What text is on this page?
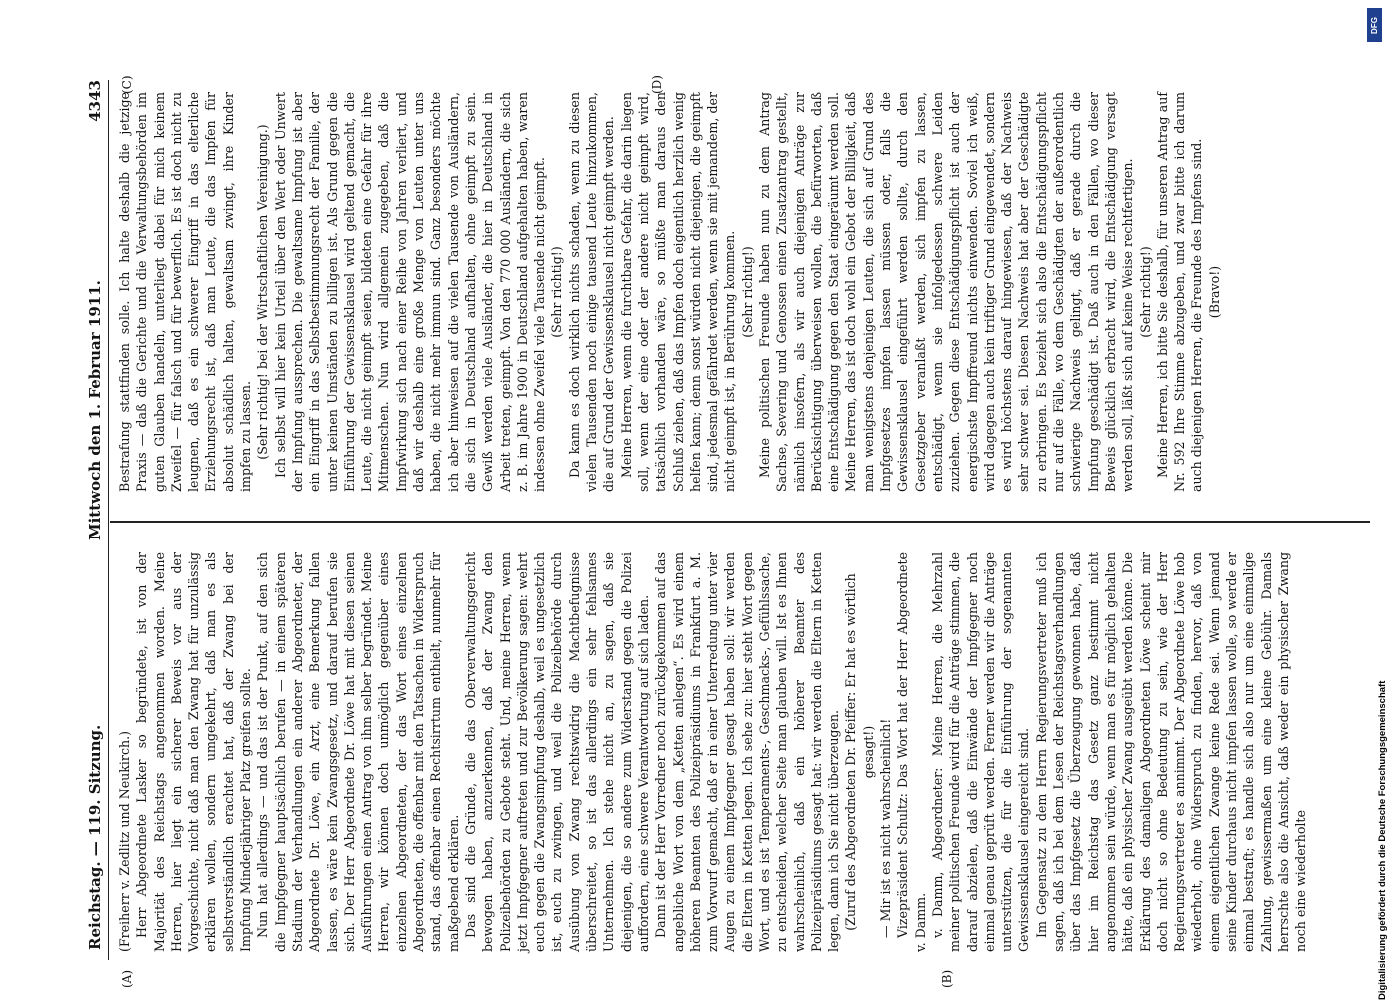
DFG
Digitalisierung gefördert durch die Deutsche Forschungsgemeinschaft
Reichstag. — 119. Sitzung.
Mittwoch den 1. Februar 1911.
4343
(A)	(B)
(C)	(D)

(Freiherr v. Zedlitz und Neukirch.) Herr Abgeordnete Lasker so begründete, ist von der Majorität des Reichstags angenommen worden. Meine Herren, hier liegt ein sicherer Beweis vor aus der Vorgeschichte, nicht daß man den Zwang hat für unzulässig erklären wollen, sondern umgekehrt, daß man es als selbstverständlich erachtet hat, daß der Zwang bei der Impfung Minderjähriger Platz greifen sollte. Nun hat allerdings — und das ist der Punkt, auf den sich die Impfgegner hauptsächlich berufen — in einem späteren Stadium der Verhandlungen ein anderer Abgeordneter, der Abgeordnete Dr. Löwe, ein Arzt, eine Bemerkung fallen lassen, es wäre kein Zwangsgesetz, und darauf berufen sie sich. Der Herr Abgeordnete Dr. Löwe hat mit diesen seinen Ausführungen einen Antrag von ihm selber begründet. Meine Herren, wir können doch unmöglich gegenüber eines einzelnen Abgeordneten, der das Wort eines einzelnen Abgeordneten, die offenbar mit den Tatsachen in Widerspruch stand, das offenbar einen Rechtsirrtum enthielt, nunmehr für maßgebend erklären. Das sind die Gründe, die das Oberverwaltungsgericht bewogen haben, anzuerkennen, daß der Zwang den Polizeibehörden zu Gebote steht. Und, meine Herren, wenn jetzt Impfgegner auftreten und zur Bevölkerung sagen: wehrt euch gegen die Zwangsimpfung deshalb, weil es ungesetzlich ist, euch zu zwingen, und weil die Polizeibehörde durch Ausübung von Zwang rechtswidrig die Machtbefugnisse überschreitet, so ist das allerdings ein sehr fehlsames Unternehmen. Ich stehe nicht an, zu sagen, daß sie diejenigen, die so andere zum Widerstand gegen die Polizei auffordern, eine schwere Verantwortung auf sich laden. Dann ist der Herr Vorredner noch zurückgekommen auf das angebliche Wort von dem „Ketten anlegen“. Es wird einem höheren Beamten des Polizeipräsidiums in Frankfurt a. M. zum Vorwurf gemacht, daß er in einer Unterredung unter vier Augen zu einem Impfgegner gesagt haben soll: wir werden die Eltern in Ketten legen. Ich sehe zu: hier steht Wort gegen Wort, und es ist Temperaments-, Geschmacks-, Gefühlssache, zu entscheiden, welcher Seite man glauben will. Ist es Ihnen wahrscheinlich, daß ein höherer Beamter des Polizeipräsidiums gesagt hat: wir werden die Eltern in Ketten legen, dann ich Sie nicht überzeugen. (Zuruf des Abgeordneten Dr. Pfeiffer: Er hat es wörtlich gesagt!) — Mir ist es nicht wahrscheinlich! Vizepräsident Schultz: Das Wort hat der Herr Abgeordnete v. Damm. v. Damm, Abgeordneter: Meine Herren, die Mehrzahl meiner politischen Freunde wird für die Anträge stimmen, die darauf abzielen, daß die Einwände der Impfgegner noch einmal genau geprüft werden. Ferner werden wir die Anträge unterstützen, die für die Einführung der sogenannten Gewissensklausel eingereicht sind. Im Gegensatz zu dem Herrn Regierungsvertreter muß ich sagen, daß ich bei dem Lesen der Reichstagsverhandlungen über das Impfgesetz die Überzeugung gewonnen habe, daß hier im Reichstag das Gesetz ganz bestimmt nicht angenommen sein würde, wenn man es für möglich gehalten hätte, daß ein physischer Zwang ausgeübt werden könne. Die Erklärung des damaligen Abgeordneten Löwe scheint mir doch nicht so ohne Bedeutung zu sein, wie der Herr Regierungsvertreter es annimmt. Der Abgeordnete Löwe hob wiederholt, ohne Widerspruch zu finden, hervor, daß von einem eigentlichen Zwange keine Rede sei. Wenn jemand seine Kinder durchaus nicht impfen lassen wolle, so werde er einmal bestraft; es handle sich also nur um eine einmalige Zahlung, gewissermaßen um eine kleine Gebühr. Damals herrschte also die Ansicht, daß weder ein physischer Zwang noch eine wiederholte

Bestrafung stattfinden solle. Ich halte deshalb die jetzige Praxis — daß die Gerichte und die Verwaltungsbehörden im guten Glauben handeln, unterliegt dabei für mich keinem Zweifel — für falsch und für bewerflich. Es ist doch nicht zu leugnen, daß es ein schwerer Eingriff in das elterliche Erziehungsrecht ist, daß man Leute, die das Impfen für absolut schädlich halten, gewaltsam zwingt, ihre Kinder impfen zu lassen. (Sehr richtig! bei der Wirtschaftlichen Vereinigung.) Ich selbst will hier kein Urteil über den Wert oder Unwert der Impfung aussprechen. Die gewaltsame Impfung ist aber ein Eingriff in das Selbstbestimmungsrecht der Familie, der unter keinen Umständen zu billigen ist. Als Grund gegen die Einführung der Gewissensklausel wird geltend gemacht, die Leute, die nicht geimpft seien, bildeten eine Gefahr für ihre Mitmenschen. Nun wird allgemein zugegeben, daß die Impfwirkung sich nach einer Reihe von Jahren verliert, und daß wir deshalb eine große Menge von Leuten unter uns haben, die nicht mehr immun sind. Ganz besonders möchte ich aber hinweisen auf die vielen Tausende von Ausländern, die sich in Deutschland aufhalten, ohne geimpft zu sein. Gewiß werden viele Ausländer, die hier in Deutschland in Arbeit treten, geimpft. Von den 770 000 Ausländern, die sich z. B. im Jahre 1900 in Deutschland aufgehalten haben, waren indessen ohne Zweifel viele Tausende nicht geimpft. (Sehr richtig!) Da kann es doch wirklich nichts schaden, wenn zu diesen vielen Tausenden noch einige tausend Leute hinzukommen, die auf Grund der Gewissensklausel nicht geimpft werden. Meine Herren, wenn die furchtbare Gefahr, die darin liegen soll, wenn der eine oder der andere nicht geimpft wird, tatsächlich vorhanden wäre, so müßte man daraus den Schluß ziehen, daß das Impfen doch eigentlich herzlich wenig helfen kann; denn sonst würden nicht diejenigen, die geimpft sind, jedesmal gefährdet werden, wenn sie mit jemandem, der nicht geimpft ist, in Berührung kommen. (Sehr richtig!) Meine politischen Freunde haben nun zu dem Antrag Sachse, Severing und Genossen einen Zusatzantrag gestellt, nämlich insofern, als wir auch diejenigen Anträge zur Berücksichtigung überweisen wollen, die befürworten, daß eine Entschädigung gegen den Staat eingeräumt werden soll. Meine Herren, das ist doch wohl ein Gebot der Billigkeit, daß man wenigstens denjenigen Leuten, die sich auf Grund des Impfgesetzes impfen lassen müssen oder, falls die Gewissensklausel eingeführt werden sollte, durch den Gesetzgeber veranlaßt werden, sich impfen zu lassen, entschädigt, wenn sie infolgedessen schwere Leiden zuziehen. Gegen diese Entschädigungspflicht ist auch der energischste Impffreund nichts einwenden. Soviel ich weiß, wird dagegen auch kein triftiger Grund eingewendet, sondern es wird höchstens darauf hingewiesen, daß der Nachweis sehr schwer sei. Diesen Nachweis hat aber der Geschädigte zu erbringen. Es bezieht sich also die Entschädigungspflicht nur auf die Fälle, wo dem Geschädigten der außerordentlich schwierige Nachweis gelingt, daß er gerade durch die Impfung geschädigt ist. Daß auch in den Fällen, wo dieser Beweis glücklich erbracht wird, die Entschädigung versagt werden soll, läßt sich auf keine Weise rechtfertigen. (Sehr richtig!) Meine Herren, ich bitte Sie deshalb, für unseren Antrag auf Nr. 592 Ihre Stimme abzugeben, und zwar bitte ich darum auch diejenigen Herren, die Freunde des Impfens sind. (Bravo!)
